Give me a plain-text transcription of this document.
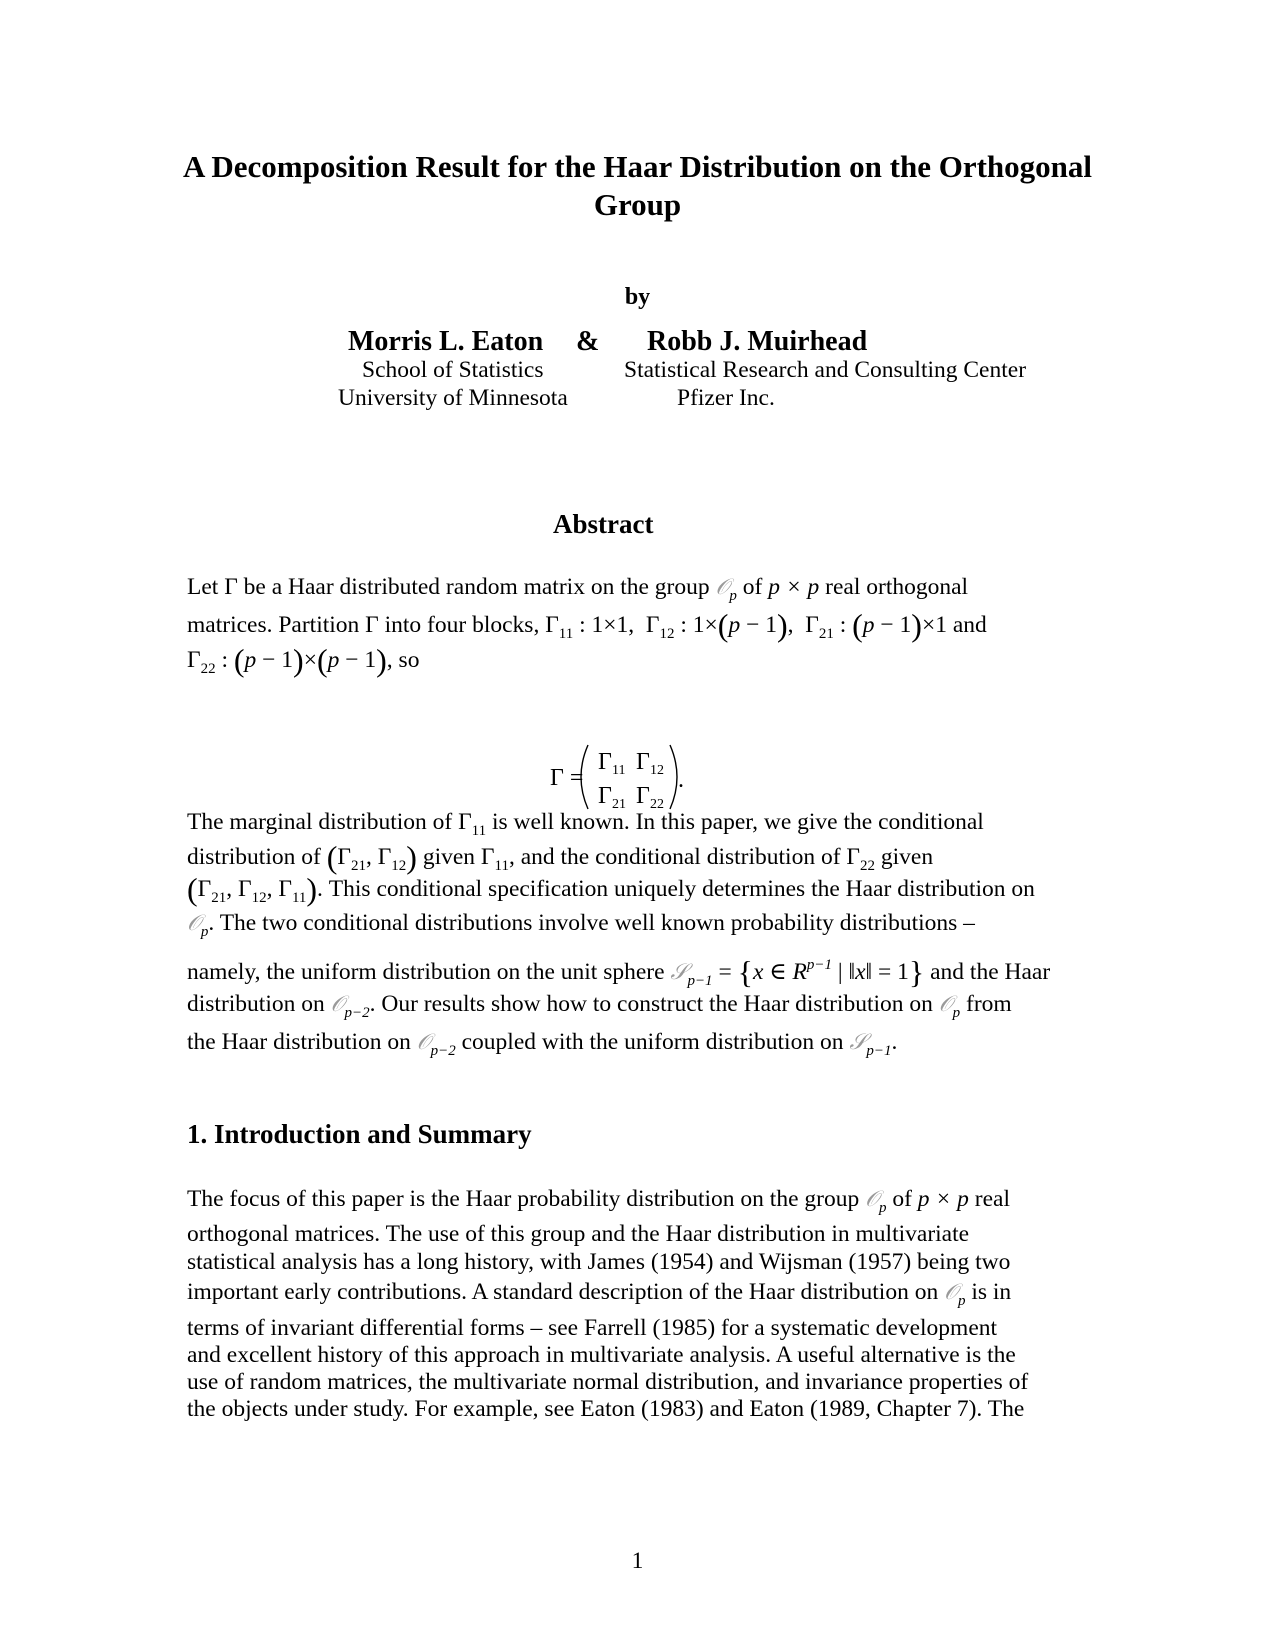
A Decomposition Result for the Haar Distribution on the Orthogonal Group
by
Morris L. Eaton & Robb J. Muirhead
School of Statistics
University of Minnesota
Statistical Research and Consulting Center
Pfizer Inc.
Abstract
Let Γ be a Haar distributed random matrix on the group 𝒪$_p$ of p × p real orthogonal
matrices. Partition Γ into four blocks, $\Gamma_{11}$ : 1×1,  $\Gamma_{12}$ : 1×(p − 1),  $\Gamma_{21}$ : (p − 1)×1 and
$\Gamma_{22}$ : (p − 1)×(p − 1), so
Γ =
Γ 11 Γ 12
Γ 21 Γ 22
.
The marginal distribution of $\Gamma_{11}$ is well known. In this paper, we give the conditional
distribution of ($\Gamma_{21}$, $\Gamma_{12}$) given $\Gamma_{11}$, and the conditional distribution of $\Gamma_{22}$ given
($\Gamma_{21}$, $\Gamma_{12}$, $\Gamma_{11}$). This conditional specification uniquely determines the Haar distribution on
𝒪$_p$. The two conditional distributions involve well known probability distributions –
namely, the uniform distribution on the unit sphere 𝒮$_{p-1}$ = {x ∈ $R^{p-1}$ | ‖x‖ = 1} and the Haar
distribution on 𝒪$_{p-2}$. Our results show how to construct the Haar distribution on 𝒪$_p$ from
the Haar distribution on 𝒪$_{p-2}$ coupled with the uniform distribution on 𝒮$_{p-1}$.
1. Introduction and Summary
The focus of this paper is the Haar probability distribution on the group 𝒪$_p$ of p × p real
orthogonal matrices. The use of this group and the Haar distribution in multivariate
statistical analysis has a long history, with James (1954) and Wijsman (1957) being two
important early contributions. A standard description of the Haar distribution on 𝒪$_p$ is in
terms of invariant differential forms – see Farrell (1985) for a systematic development
and excellent history of this approach in multivariate analysis. A useful alternative is the
use of random matrices, the multivariate normal distribution, and invariance properties of
the objects under study. For example, see Eaton (1983) and Eaton (1989, Chapter 7). The
1
